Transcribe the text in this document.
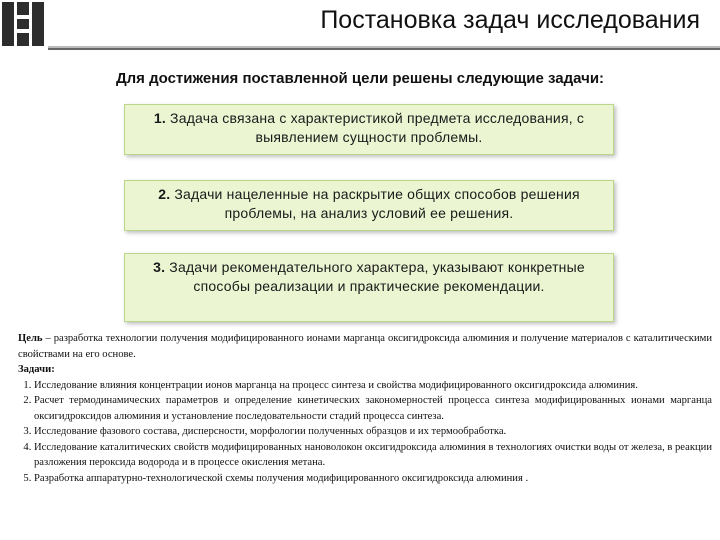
Постановка задач исследования
Для достижения поставленной цели решены следующие задачи:
1. Задача связана с характеристикой предмета исследования, с выявлением сущности проблемы.
2. Задачи нацеленные на раскрытие общих способов решения проблемы, на анализ условий ее решения.
3. Задачи рекомендательного характера, указывают конкретные способы реализации и практические рекомендации.

Цель – разработка технологии получения модифицированного ионами марганца оксигидроксида алюминия и получение материалов с каталитическими свойствами на его основе.

Задачи:

1. Исследование влияния концентрации ионов марганца на процесс синтеза и свойства модифицированного оксигидроксида алюминия.
2. Расчет термодинамических параметров и определение кинетических закономерностей процесса синтеза модифицированных ионами марганца оксигидроксидов алюминия и установление последовательности стадий процесса синтеза.
3. Исследование фазового состава, дисперсности, морфологии полученных образцов и их термообработка.
4. Исследование каталитических свойств модифицированных нановолокон оксигидроксида алюминия в технологиях очистки воды от железа, в реакции разложения пероксида водорода и в процессе окисления метана.
5. Разработка аппаратурно-технологической схемы получения модифицированного оксигидроксида алюминия .
